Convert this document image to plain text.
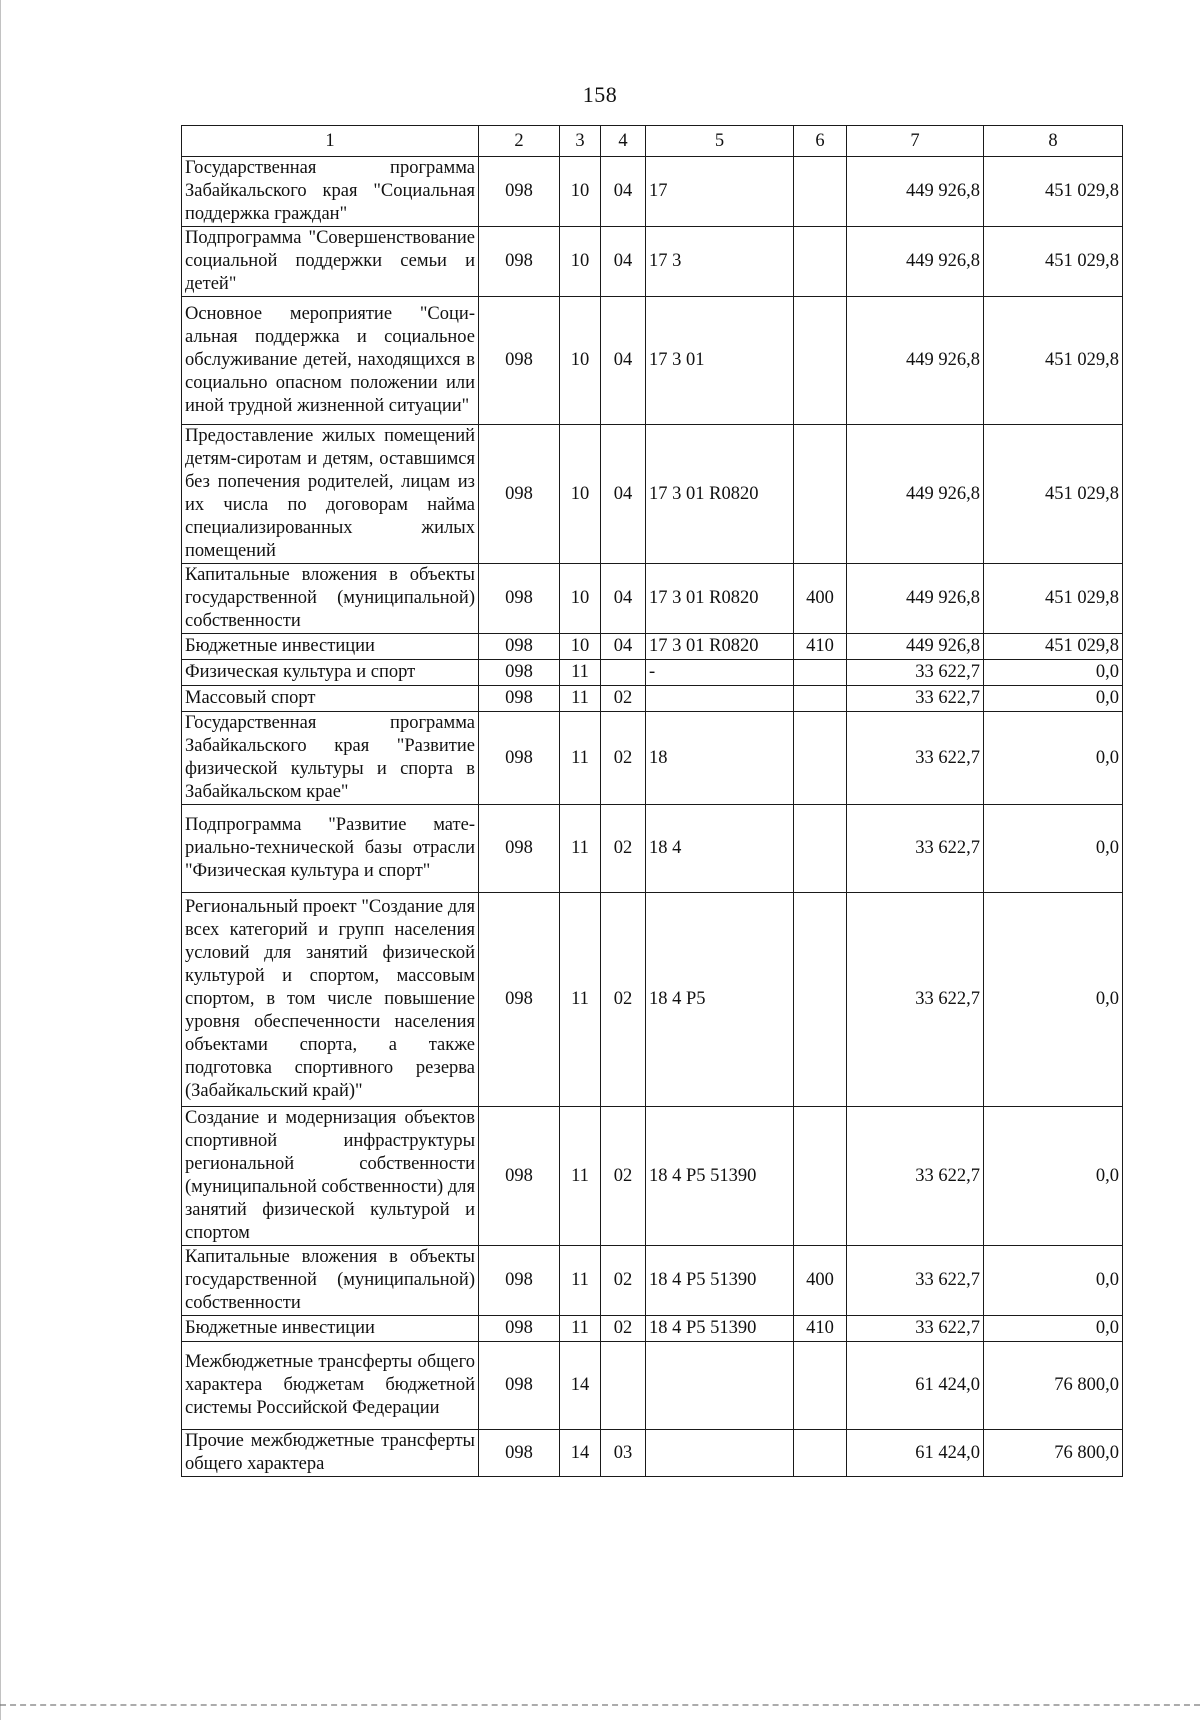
158
1	2	3	4	5	6	7	8
Государственная программа Забайкальского края "Социальная поддержка граждан"	098	10	04	17		449 926,8	451 029,8
Подпрограмма "Совершенствование социальной поддержки семьи и детей"	098	10	04	17 3		449 926,8	451 029,8
Основное мероприятие "Социальная поддержка и социальное обслуживание детей, находящихся в социально опасном положении или иной трудной жизненной ситуации"	098	10	04	17 3 01		449 926,8	451 029,8
Предоставление жилых помещений детям-сиротам и детям, оставшимся без попечения родителей, лицам из их числа по договорам найма специализированных жилых помещений	098	10	04	17 3 01 R0820		449 926,8	451 029,8
Капитальные вложения в объекты государственной (муниципальной) собственности	098	10	04	17 3 01 R0820	400	449 926,8	451 029,8
Бюджетные инвестиции	098	10	04	17 3 01 R0820	410	449 926,8	451 029,8
Физическая культура и спорт	098	11		-		33 622,7	0,0
Массовый спорт	098	11	02			33 622,7	0,0
Государственная программа Забайкальского края "Развитие физической культуры и спорта в Забайкальском крае"	098	11	02	18		33 622,7	0,0
Подпрограмма "Развитие материально-технической базы отрасли "Физическая культура и спорт"	098	11	02	18 4		33 622,7	0,0
Региональный проект "Создание для всех категорий и групп населения условий для занятий физической культурой и спортом, массовым спортом, в том числе повышение уровня обеспеченности населения объектами спорта, а также подготовка спортивного резерва (Забайкальский край)"	098	11	02	18 4 P5		33 622,7	0,0
Создание и модернизация объектов спортивной инфраструктуры региональной собственности (муниципальной собственности) для занятий физической культурой и спортом	098	11	02	18 4 P5 51390		33 622,7	0,0
Капитальные вложения в объекты государственной (муниципальной) собственности	098	11	02	18 4 P5 51390	400	33 622,7	0,0
Бюджетные инвестиции	098	11	02	18 4 P5 51390	410	33 622,7	0,0
Межбюджетные трансферты общего характера бюджетам бюджетной системы Российской Федерации	098	14				61 424,0	76 800,0
Прочие межбюджетные трансферты общего характера	098	14	03			61 424,0	76 800,0
